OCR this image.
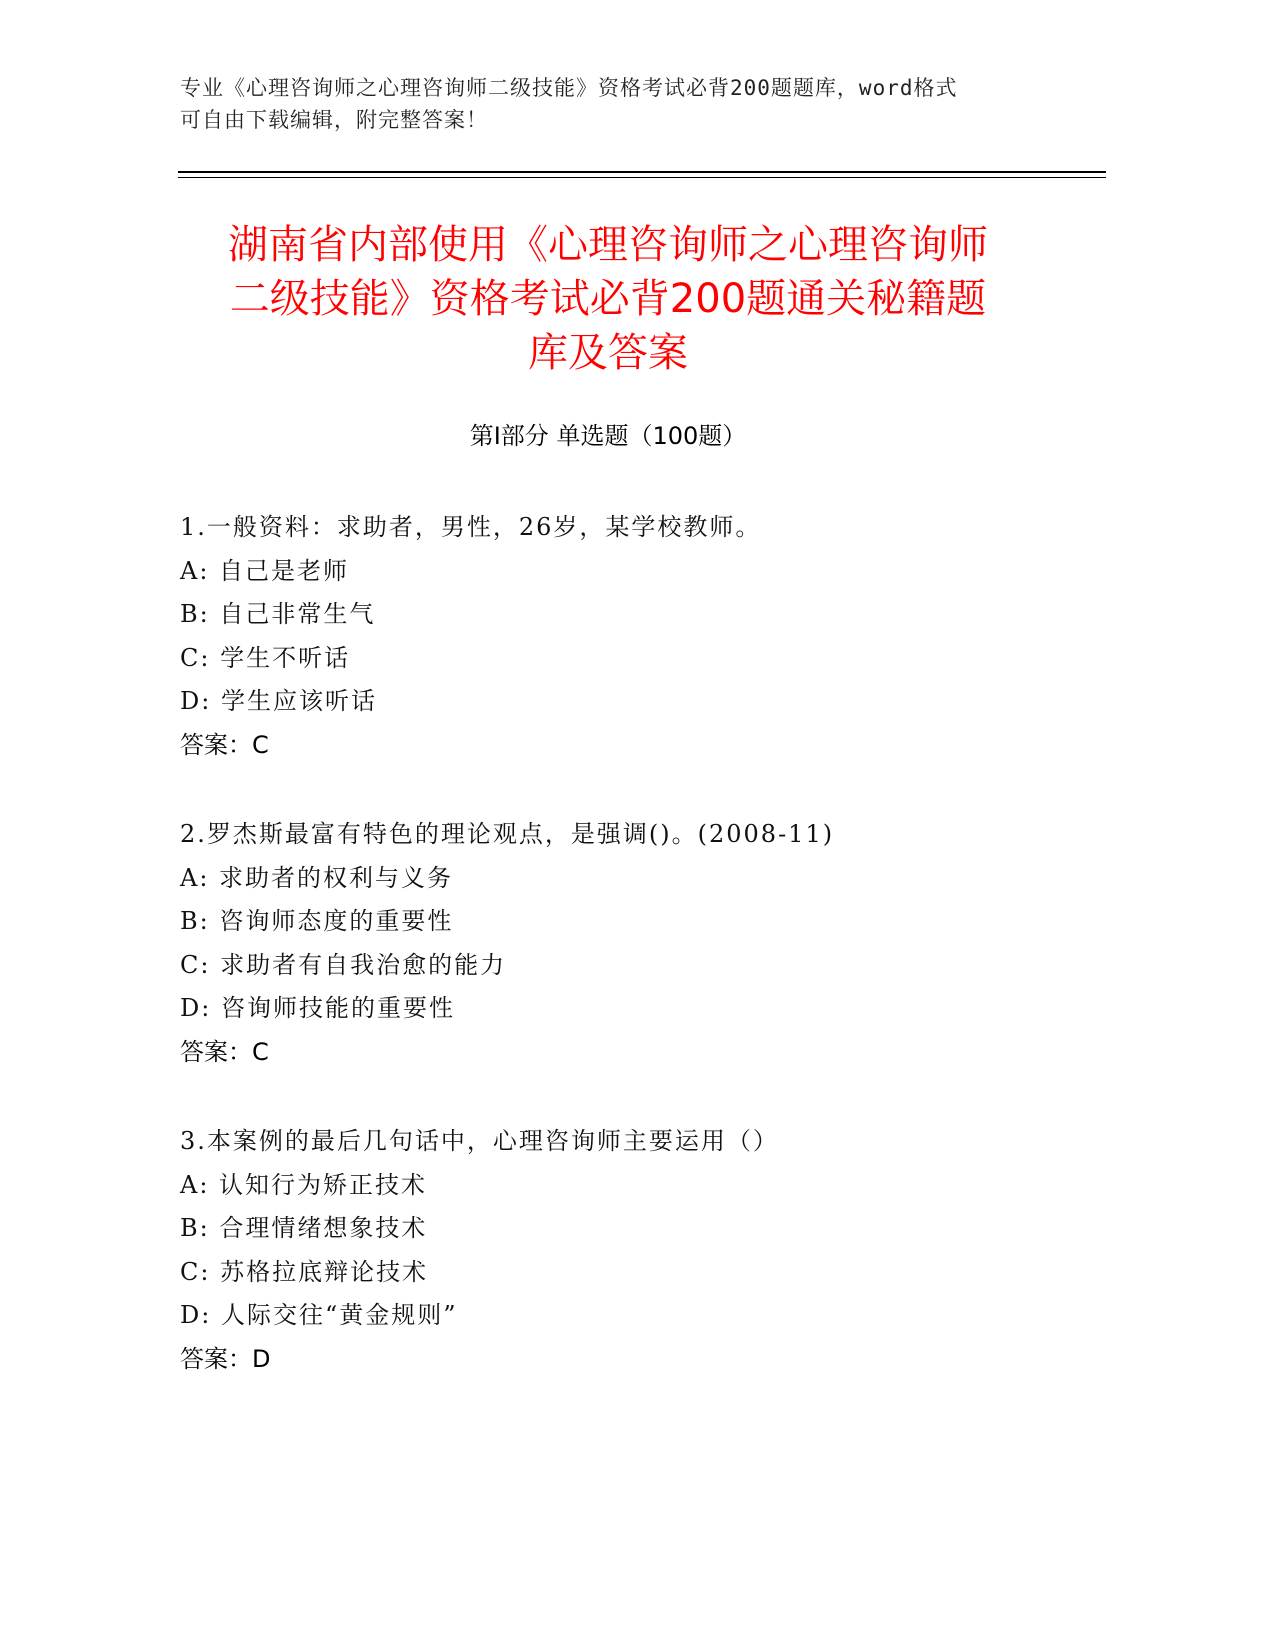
专业《心理咨询师之心理咨询师二级技能》资格考试必背200题题库，word格式
可自由下载编辑，附完整答案！
湖南省内部使用《心理咨询师之心理咨询师
二级技能》资格考试必背200题通关秘籍题
库及答案
第Ⅰ部分 单选题（100题）
1.一般资料：求助者，男性，26岁，某学校教师。
A: 自己是老师
B: 自己非常生气
C: 学生不听话
D: 学生应该听话
答案：C
2.罗杰斯最富有特色的理论观点，是强调()。(2008-11)
A: 求助者的权利与义务
B: 咨询师态度的重要性
C: 求助者有自我治愈的能力
D: 咨询师技能的重要性
答案：C
3.本案例的最后几句话中，心理咨询师主要运用（）
A: 认知行为矫正技术
B: 合理情绪想象技术
C: 苏格拉底辩论技术
D: 人际交往“黄金规则”
答案：D
